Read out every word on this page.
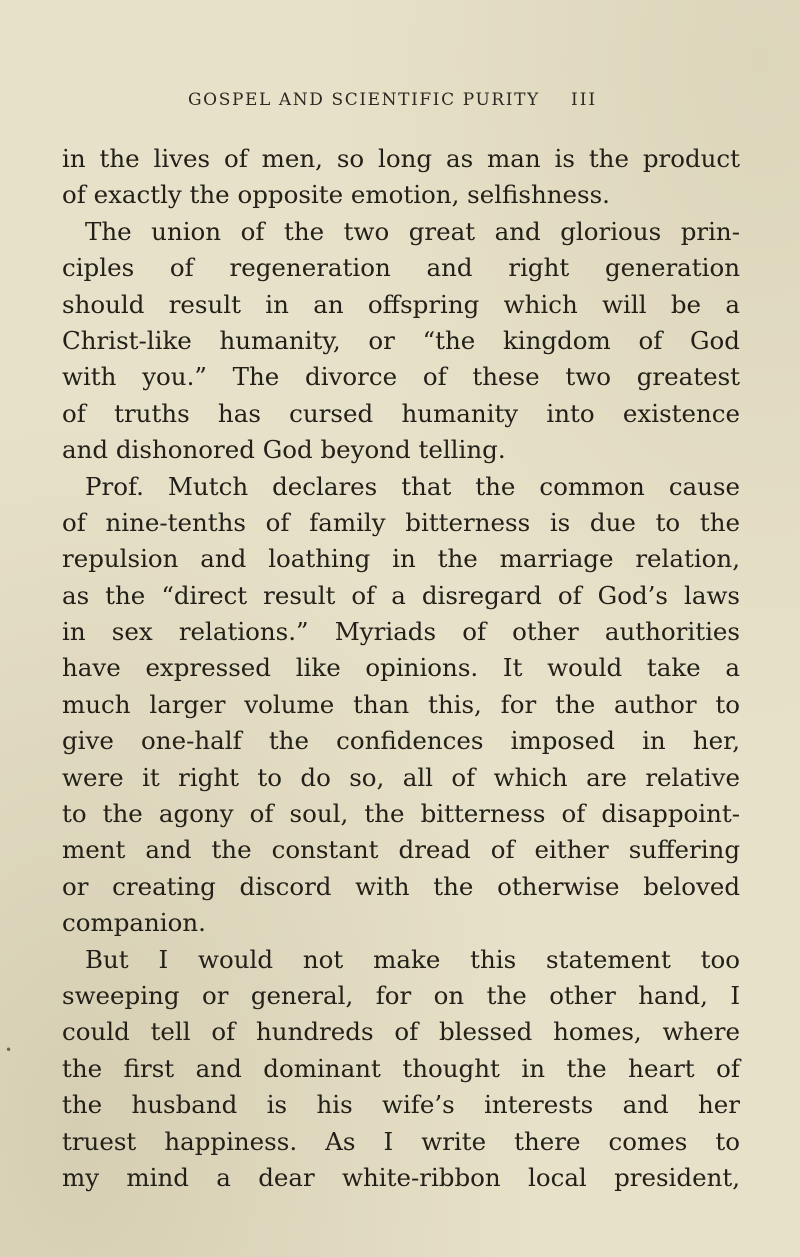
GOSPEL AND SCIENTIFIC PURITY III
in the lives of men, so long as man is the product
of exactly the opposite emotion, selfishness.
The union of the two great and glorious prin-
ciples of regeneration and right generation
should result in an offspring which will be a
Christ-like humanity, or “the kingdom of God
with you.” The divorce of these two greatest
of truths has cursed humanity into existence
and dishonored God beyond telling.
Prof. Mutch declares that the common cause
of nine-tenths of family bitterness is due to the
repulsion and loathing in the marriage relation,
as the “direct result of a disregard of God’s laws
in sex relations.” Myriads of other authorities
have expressed like opinions. It would take a
much larger volume than this, for the author to
give one-half the confidences imposed in her,
were it right to do so, all of which are relative
to the agony of soul, the bitterness of disappoint-
ment and the constant dread of either suffering
or creating discord with the otherwise beloved
companion.
But I would not make this statement too
sweeping or general, for on the other hand, I
could tell of hundreds of blessed homes, where
the first and dominant thought in the heart of
the husband is his wife’s interests and her
truest happiness. As I write there comes to
my mind a dear white-ribbon local president,
•
